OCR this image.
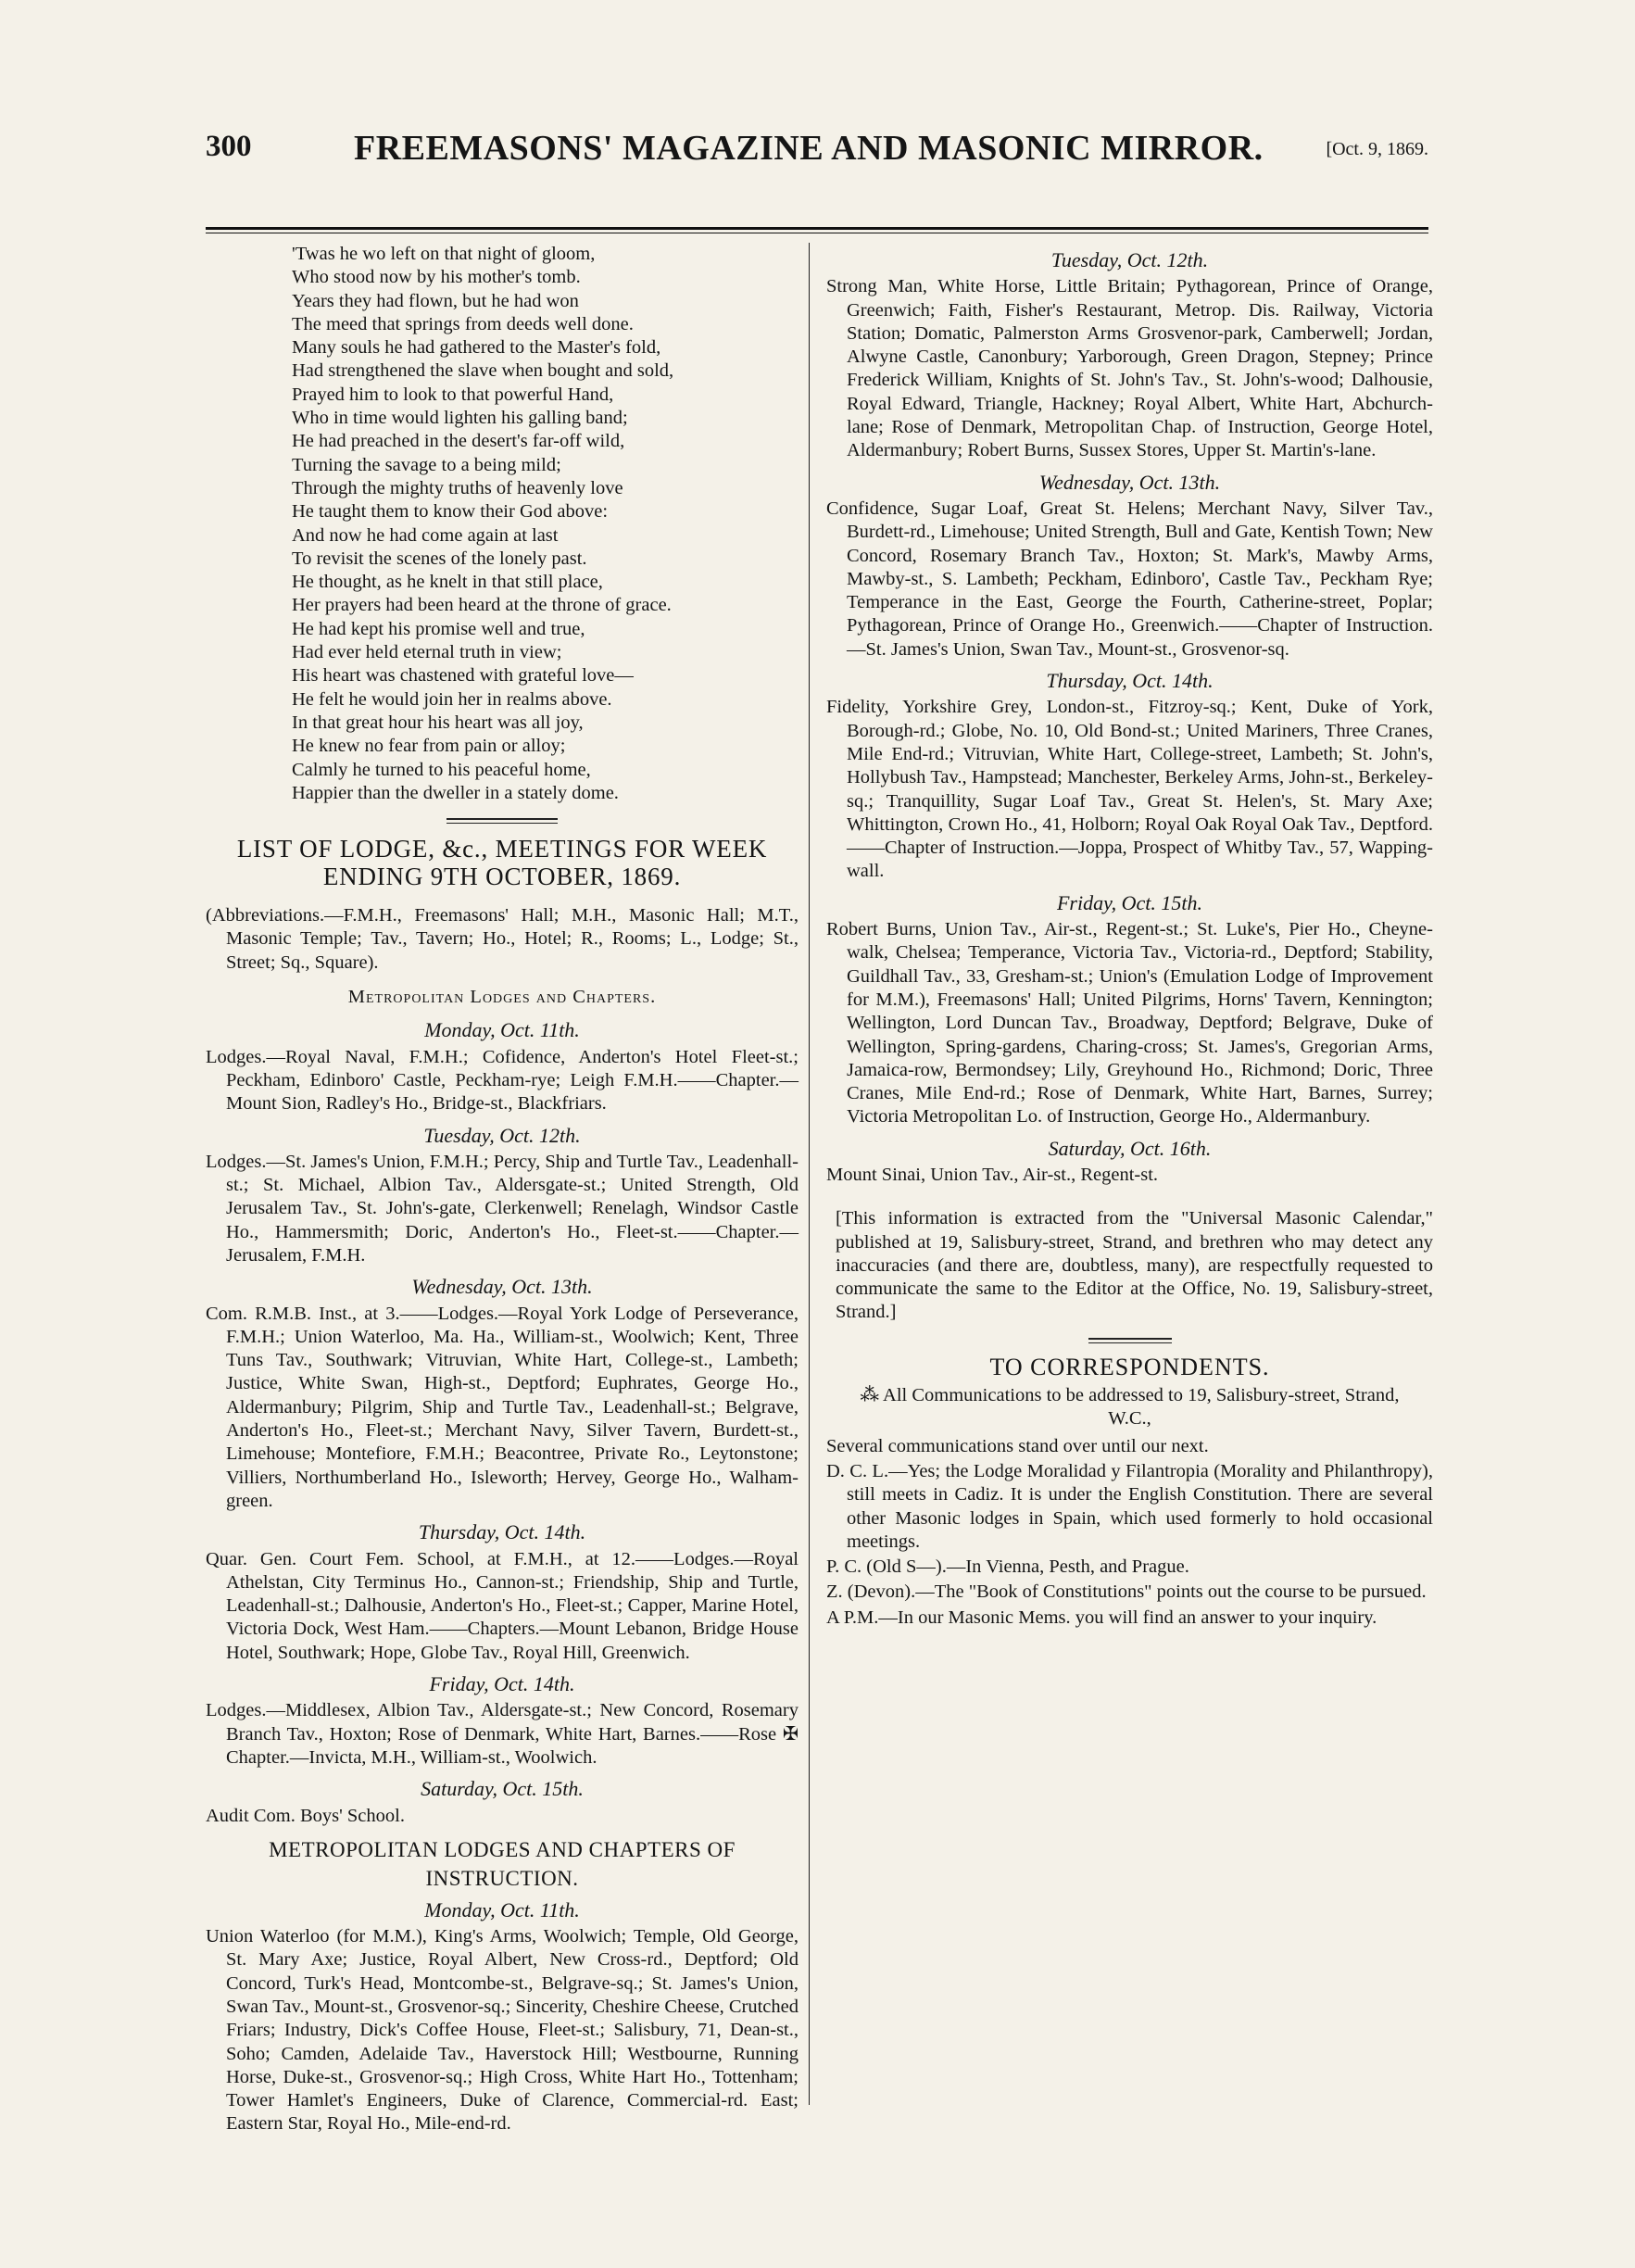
300	FREEMASONS' MAGAZINE AND MASONIC MIRROR.	[Oct. 9, 1869.
'Twas he wo left on that night of gloom,
Who stood now by his mother's tomb.
Years they had flown, but he had won
The meed that springs from deeds well done.
Many souls he had gathered to the Master's fold,
Had strengthened the slave when bought and sold,
Prayed him to look to that powerful Hand,
Who in time would lighten his galling band;
He had preached in the desert's far-off wild,
Turning the savage to a being mild;
Through the mighty truths of heavenly love
He taught them to know their God above:
And now he had come again at last
To revisit the scenes of the lonely past.
He thought, as he knelt in that still place,
Her prayers had been heard at the throne of grace.
He had kept his promise well and true,
Had ever held eternal truth in view;
His heart was chastened with grateful love—
He felt he would join her in realms above.
In that great hour his heart was all joy,
He knew no fear from pain or alloy;
Calmly he turned to his peaceful home,
Happier than the dweller in a stately dome.
LIST OF LODGE, &c., MEETINGS FOR WEEK
ENDING 9TH OCTOBER, 1869.
(Abbreviations.—F.M.H., Freemasons' Hall; M.H., Masonic Hall; M.T., Masonic Temple; Tav., Tavern; Ho., Hotel; R., Rooms; L., Lodge; St., Street; Sq., Square).
Metropolitan Lodges and Chapters.
Monday, Oct. 11th.
Lodges.—Royal Naval, F.M.H.; Cofidence, Anderton's Hotel Fleet-st.; Peckham, Edinboro' Castle, Peckham-rye; Leigh F.M.H.——Chapter.—Mount Sion, Radley's Ho., Bridge-st., Blackfriars.
Tuesday, Oct. 12th.
Lodges.—St. James's Union, F.M.H.; Percy, Ship and Turtle Tav., Leadenhall-st.; St. Michael, Albion Tav., Aldersgate-st.; United Strength, Old Jerusalem Tav., St. John's-gate, Clerkenwell; Renelagh, Windsor Castle Ho., Hammersmith; Doric, Anderton's Ho., Fleet-st.——Chapter.—Jerusalem, F.M.H.
Wednesday, Oct. 13th.
Com. R.M.B. Inst., at 3.——Lodges.—Royal York Lodge of Perseverance, F.M.H.; Union Waterloo, Ma. Ha., William-st., Woolwich; Kent, Three Tuns Tav., Southwark; Vitruvian, White Hart, College-st., Lambeth; Justice, White Swan, High-st., Deptford; Euphrates, George Ho., Aldermanbury; Pilgrim, Ship and Turtle Tav., Leadenhall-st.; Belgrave, Anderton's Ho., Fleet-st.; Merchant Navy, Silver Tavern, Burdett-st., Limehouse; Montefiore, F.M.H.; Beacontree, Private Ro., Leytonstone; Villiers, Northumberland Ho., Isleworth; Hervey, George Ho., Walham-green.
Thursday, Oct. 14th.
Quar. Gen. Court Fem. School, at F.M.H., at 12.——Lodges.—Royal Athelstan, City Terminus Ho., Cannon-st.; Friendship, Ship and Turtle, Leadenhall-st.; Dalhousie, Anderton's Ho., Fleet-st.; Capper, Marine Hotel, Victoria Dock, West Ham.——Chapters.—Mount Lebanon, Bridge House Hotel, Southwark; Hope, Globe Tav., Royal Hill, Greenwich.
Friday, Oct. 14th.
Lodges.—Middlesex, Albion Tav., Aldersgate-st.; New Concord, Rosemary Branch Tav., Hoxton; Rose of Denmark, White Hart, Barnes.——Rose ✠ Chapter.—Invicta, M.H., William-st., Woolwich.
Saturday, Oct. 15th.
Audit Com. Boys' School.
METROPOLITAN LODGES AND CHAPTERS OF
INSTRUCTION.
Monday, Oct. 11th.
Union Waterloo (for M.M.), King's Arms, Woolwich; Temple, Old George, St. Mary Axe; Justice, Royal Albert, New Cross-rd., Deptford; Old Concord, Turk's Head, Montcombe-st., Belgrave-sq.; St. James's Union, Swan Tav., Mount-st., Grosvenor-sq.; Sincerity, Cheshire Cheese, Crutched Friars; Industry, Dick's Coffee House, Fleet-st.; Salisbury, 71, Dean-st., Soho; Camden, Adelaide Tav., Haverstock Hill; Westbourne, Running Horse, Duke-st., Grosvenor-sq.; High Cross, White Hart Ho., Tottenham; Tower Hamlet's Engineers, Duke of Clarence, Commercial-rd. East; Eastern Star, Royal Ho., Mile-end-rd.
Tuesday, Oct. 12th.
Strong Man, White Horse, Little Britain; Pythagorean, Prince of Orange, Greenwich; Faith, Fisher's Restaurant, Metrop. Dis. Railway, Victoria Station; Domatic, Palmerston Arms Grosvenor-park, Camberwell; Jordan, Alwyne Castle, Canonbury; Yarborough, Green Dragon, Stepney; Prince Frederick William, Knights of St. John's Tav., St. John's-wood; Dalhousie, Royal Edward, Triangle, Hackney; Royal Albert, White Hart, Abchurch-lane; Rose of Denmark, Metropolitan Chap. of Instruction, George Hotel, Aldermanbury; Robert Burns, Sussex Stores, Upper St. Martin's-lane.
Wednesday, Oct. 13th.
Confidence, Sugar Loaf, Great St. Helens; Merchant Navy, Silver Tav., Burdett-rd., Limehouse; United Strength, Bull and Gate, Kentish Town; New Concord, Rosemary Branch Tav., Hoxton; St. Mark's, Mawby Arms, Mawby-st., S. Lambeth; Peckham, Edinboro', Castle Tav., Peckham Rye; Temperance in the East, George the Fourth, Catherine-street, Poplar; Pythagorean, Prince of Orange Ho., Greenwich.——Chapter of Instruction.—St. James's Union, Swan Tav., Mount-st., Grosvenor-sq.
Thursday, Oct. 14th.
Fidelity, Yorkshire Grey, London-st., Fitzroy-sq.; Kent, Duke of York, Borough-rd.; Globe, No. 10, Old Bond-st.; United Mariners, Three Cranes, Mile End-rd.; Vitruvian, White Hart, College-street, Lambeth; St. John's, Hollybush Tav., Hampstead; Manchester, Berkeley Arms, John-st., Berkeley-sq.; Tranquillity, Sugar Loaf Tav., Great St. Helen's, St. Mary Axe; Whittington, Crown Ho., 41, Holborn; Royal Oak Royal Oak Tav., Deptford.——Chapter of Instruction.—Joppa, Prospect of Whitby Tav., 57, Wapping-wall.
Friday, Oct. 15th.
Robert Burns, Union Tav., Air-st., Regent-st.; St. Luke's, Pier Ho., Cheyne-walk, Chelsea; Temperance, Victoria Tav., Victoria-rd., Deptford; Stability, Guildhall Tav., 33, Gresham-st.; Union's (Emulation Lodge of Improvement for M.M.), Freemasons' Hall; United Pilgrims, Horns' Tavern, Kennington; Wellington, Lord Duncan Tav., Broadway, Deptford; Belgrave, Duke of Wellington, Spring-gardens, Charing-cross; St. James's, Gregorian Arms, Jamaica-row, Bermondsey; Lily, Greyhound Ho., Richmond; Doric, Three Cranes, Mile End-rd.; Rose of Denmark, White Hart, Barnes, Surrey; Victoria Metropolitan Lo. of Instruction, George Ho., Aldermanbury.
Saturday, Oct. 16th.
Mount Sinai, Union Tav., Air-st., Regent-st.
[This information is extracted from the "Universal Masonic Calendar," published at 19, Salisbury-street, Strand, and brethren who may detect any inaccuracies (and there are, doubtless, many), are respectfully requested to communicate the same to the Editor at the Office, No. 19, Salisbury-street, Strand.]
TO CORRESPONDENTS.
⁂ All Communications to be addressed to 19, Salisbury-street, Strand, W.C.,
Several communications stand over until our next.
D. C. L.—Yes; the Lodge Moralidad y Filantropia (Morality and Philanthropy), still meets in Cadiz. It is under the English Constitution. There are several other Masonic lodges in Spain, which used formerly to hold occasional meetings.
P. C. (Old S—).—In Vienna, Pesth, and Prague.
Z. (Devon).—The "Book of Constitutions" points out the course to be pursued.
A P.M.—In our Masonic Mems. you will find an answer to your inquiry.
